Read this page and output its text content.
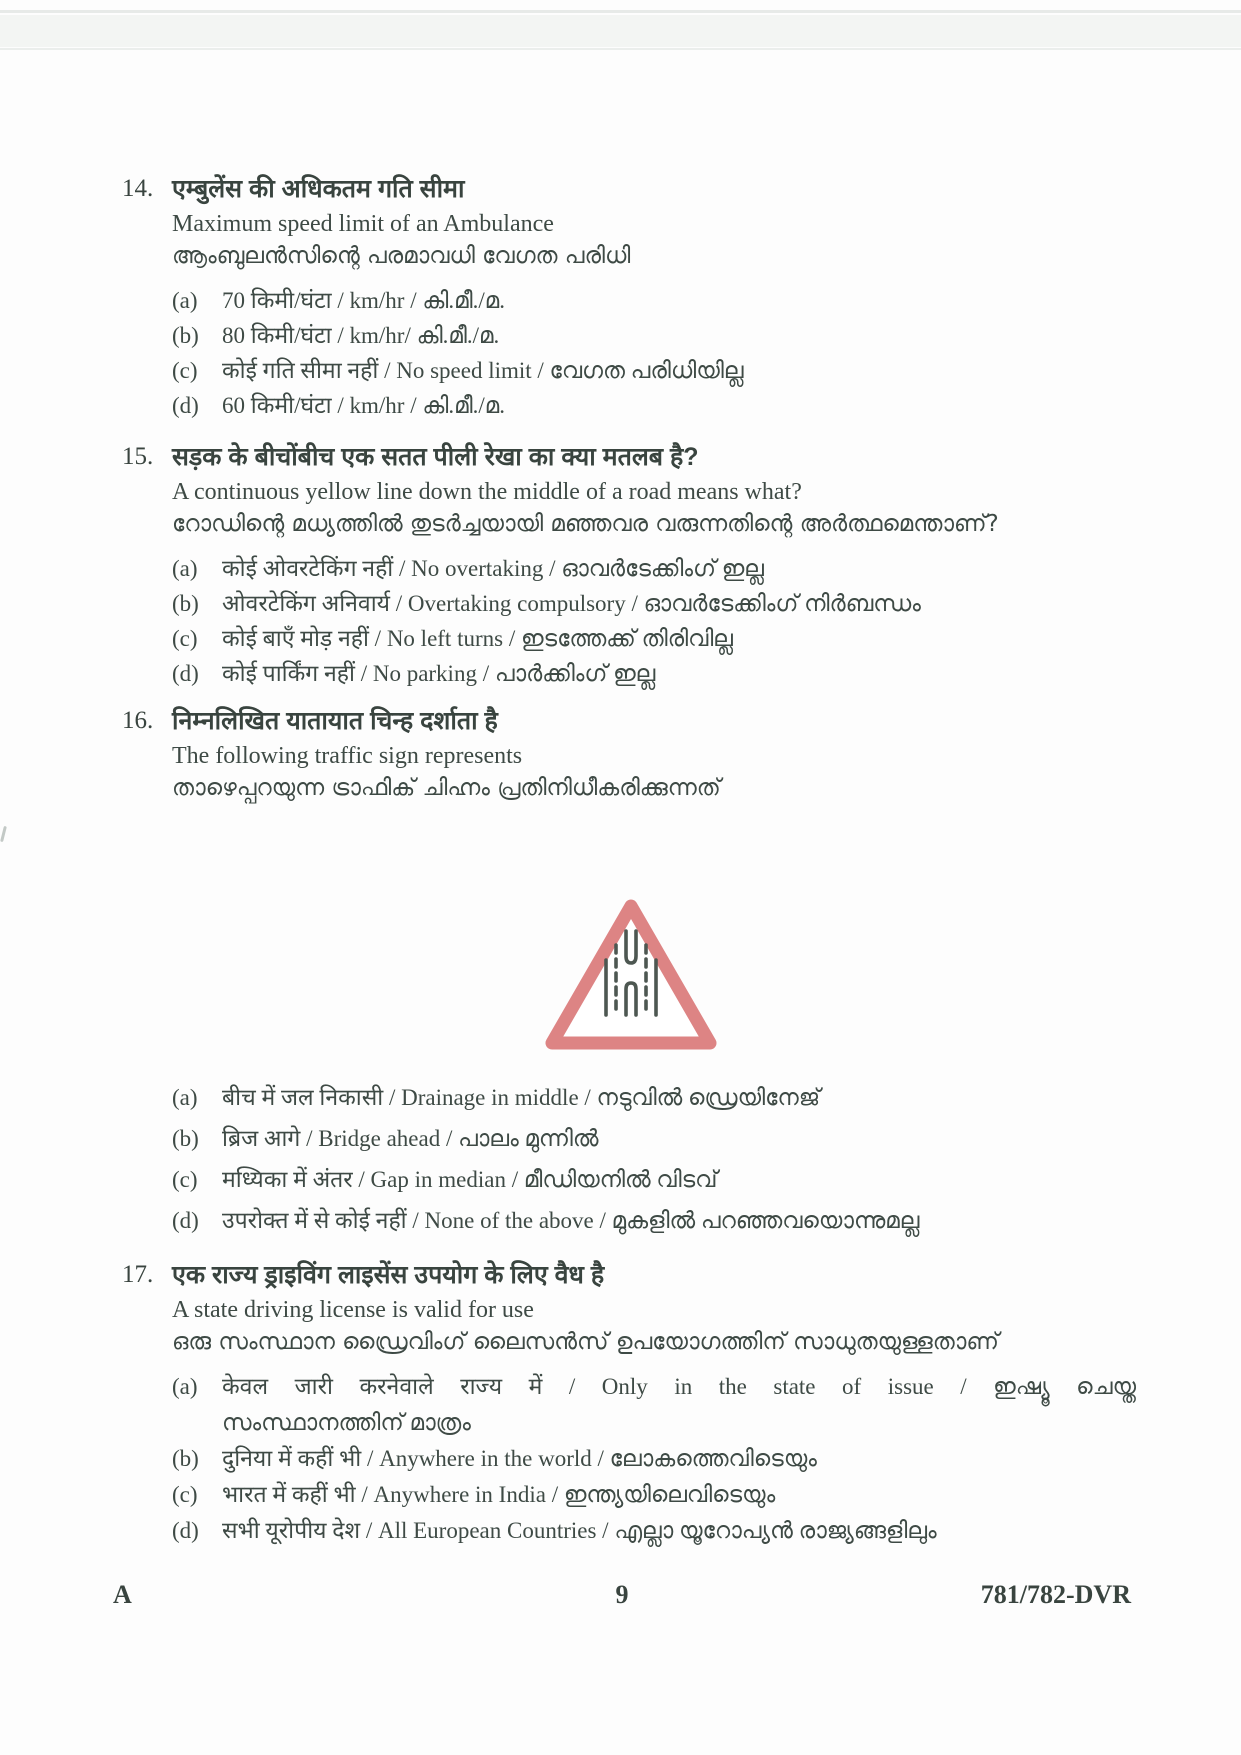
14. एम्बुलेंस की अधिकतम गति सीमा
Maximum speed limit of an Ambulance
ആംബുലൻസിന്റെ പരമാവധി വേഗത പരിധി
(a)	70 किमी/घंटा / km/hr / കി.മീ./മ.
(b)	80 किमी/घंटा / km/hr/ കി.മീ./മ.
(c)	कोई गति सीमा नहीं / No speed limit / വേഗത പരിധിയില്ല
(d)	60 किमी/घंटा / km/hr / കി.മീ./മ.
15. सड़क के बीचोंबीच एक सतत पीली रेखा का क्या मतलब है?
A continuous yellow line down the middle of a road means what?
റോഡിന്റെ മധ്യത്തിൽ തുടർച്ചയായി മഞ്ഞവര വരുന്നതിന്റെ അർത്ഥമെന്താണ്?
(a)	कोई ओवरटेकिंग नहीं / No overtaking / ഓവർടേക്കിംഗ് ഇല്ല
(b)	ओवरटेकिंग अनिवार्य / Overtaking compulsory / ഓവർടേക്കിംഗ് നിർബന്ധം
(c)	कोई बाएँ मोड़ नहीं / No left turns / ഇടത്തേക്ക് തിരിവില്ല
(d)	कोई पार्किंग नहीं / No parking / പാർക്കിംഗ് ഇല്ല
16. निम्नलिखित यातायात चिन्ह दर्शाता है
The following traffic sign represents
താഴെപ്പറയുന്ന ട്രാഫിക് ചിഹ്നം പ്രതിനിധീകരിക്കുന്നത്
(a)	बीच में जल निकासी / Drainage in middle / നടുവിൽ ഡ്രെയിനേജ്
(b)	ब्रिज आगे / Bridge ahead / പാലം മുന്നിൽ
(c)	मध्यिका में अंतर / Gap in median / മീഡിയനിൽ വിടവ്
(d)	उपरोक्त में से कोई नहीं / None of the above / മുകളിൽ പറഞ്ഞവയൊന്നുമല്ല
17. एक राज्य ड्राइविंग लाइसेंस उपयोग के लिए वैध है
A state driving license is valid for use
ഒരു സംസ്ഥാന ഡ്രൈവിംഗ് ലൈസൻസ് ഉപയോഗത്തിന് സാധുതയുള്ളതാണ്
(a)	केवल जारी करनेवाले राज्य में / Only in the state of issue / ഇഷ്യൂ ചെയ്ത
സംസ്ഥാനത്തിന് മാത്രം
(b)	दुनिया में कहीं भी / Anywhere in the world / ലോകത്തെവിടെയും
(c)	भारत में कहीं भी / Anywhere in India / ഇന്ത്യയിലെവിടെയും
(d)	सभी यूरोपीय देश / All European Countries / എല്ലാ യൂറോപ്യൻ രാജ്യങ്ങളിലും
A	9	781/782-DVR
